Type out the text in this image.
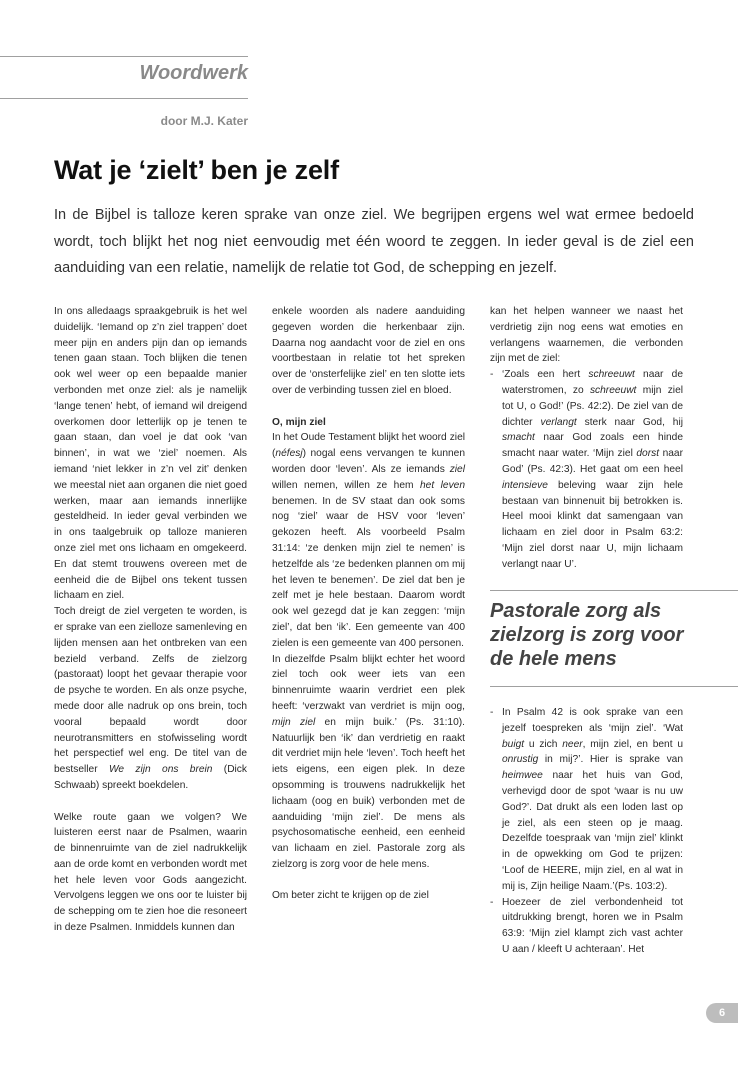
Woordwerk
door M.J. Kater
Wat je ‘zielt’ ben je zelf

In de Bijbel is talloze keren sprake van onze ziel. We begrijpen ergens wel wat ermee bedoeld wordt, toch blijkt het nog niet eenvoudig met één woord te zeggen. In ieder geval is de ziel een aanduiding van een relatie, namelijk de relatie tot God, de schepping en jezelf.

In ons alledaags spraakgebruik is het wel duidelijk. ‘Iemand op z’n ziel trappen’ doet meer pijn en anders pijn dan op iemands tenen gaan staan. Toch blijken die tenen ook wel weer op een bepaalde manier verbonden met onze ziel: als je namelijk ‘lange tenen’ hebt, of iemand wil dreigend overkomen door letterlijk op je tenen te gaan staan, dan voel je dat ook ‘van binnen’, in wat we ‘ziel’ noemen. Als iemand ‘niet lekker in z’n vel zit’ denken we meestal niet aan organen die niet goed werken, maar aan iemands innerlijke gesteldheid. In ieder geval verbinden we in ons taalgebruik op talloze manieren onze ziel met ons lichaam en omgekeerd. En dat stemt trouwens overeen met de eenheid die de Bijbel ons tekent tussen lichaam en ziel.

Toch dreigt de ziel vergeten te worden, is er sprake van een zielloze samenleving en lijden mensen aan het ontbreken van een bezield verband. Zelfs de zielzorg (pastoraat) loopt het gevaar therapie voor de psyche te worden. En als onze psyche, mede door alle nadruk op ons brein, toch vooral bepaald wordt door neurotransmitters en stofwisseling wordt het perspectief wel eng. De titel van de bestseller We zijn ons brein (Dick Schwaab) spreekt boekdelen.

Welke route gaan we volgen? We luisteren eerst naar de Psalmen, waarin de binnenruimte van de ziel nadrukkelijk aan de orde komt en verbonden wordt met het hele leven voor Gods aangezicht. Vervolgens leggen we ons oor te luister bij de schepping om te zien hoe die resoneert in deze Psalmen. Inmiddels kunnen dan

enkele woorden als nadere aanduiding gegeven worden die herkenbaar zijn. Daarna nog aandacht voor de ziel en ons voortbestaan in relatie tot het spreken over de ‘onsterfelijke ziel’ en ten slotte iets over de verbinding tussen ziel en bloed.

O, mijn ziel

In het Oude Testament blijkt het woord ziel (néfesj) nogal eens vervangen te kunnen worden door ‘leven’. Als ze iemands ziel willen nemen, willen ze hem het leven benemen. In de SV staat dan ook soms nog ‘ziel’ waar de HSV voor ‘leven’ gekozen heeft. Als voorbeeld Psalm 31:14: ‘ze denken mijn ziel te nemen’ is hetzelfde als ‘ze bedenken plannen om mij het leven te benemen’. De ziel dat ben je zelf met je hele bestaan. Daarom wordt ook wel gezegd dat je kan zeggen: ‘mijn ziel’, dat ben ‘ik’. Een gemeente van 400 zielen is een gemeente van 400 personen.

In diezelfde Psalm blijkt echter het woord ziel toch ook weer iets van een binnenruimte waarin verdriet een plek heeft: ‘verzwakt van verdriet is mijn oog, mijn ziel en mijn buik.’ (Ps. 31:10). Natuurlijk ben ‘ik’ dan verdrietig en raakt dit verdriet mijn hele ‘leven’. Toch heeft het iets eigens, een eigen plek. In deze opsomming is trouwens nadrukkelijk het lichaam (oog en buik) verbonden met de aanduiding ‘mijn ziel’. De mens als psychosomatische eenheid, een eenheid van lichaam en ziel. Pastorale zorg als zielzorg is zorg voor de hele mens.

Om beter zicht te krijgen op de ziel

kan het helpen wanneer we naast het verdrietig zijn nog eens wat emoties en verlangens waarnemen, die verbonden zijn met de ziel:

- ‘Zoals een hert schreeuwt naar de waterstromen, zo schreeuwt mijn ziel tot U, o God!’ (Ps. 42:2). De ziel van de dichter verlangt sterk naar God, hij smacht naar God zoals een hinde smacht naar water. ‘Mijn ziel dorst naar God’ (Ps. 42:3). Het gaat om een heel intensieve beleving waar zijn hele bestaan van binnenuit bij betrokken is. Heel mooi klinkt dat samengaan van lichaam en ziel door in Psalm 63:2: ‘Mijn ziel dorst naar U, mijn lichaam verlangt naar U’.

Pastorale zorg als zielzorg is zorg voor de hele mens

- In Psalm 42 is ook sprake van een jezelf toespreken als ‘mijn ziel’. ‘Wat buigt u zich neer, mijn ziel, en bent u onrustig in mij?’. Hier is sprake van heimwee naar het huis van God, verhevigd door de spot ‘waar is nu uw God?’. Dat drukt als een loden last op je ziel, als een steen op je maag. Dezelfde toespraak van ‘mijn ziel’ klinkt in de opwekking om God te prijzen: ‘Loof de HEERE, mijn ziel, en al wat in mij is, Zijn heilige Naam.’(Ps. 103:2).

- Hoezeer de ziel verbondenheid tot uitdrukking brengt, horen we in Psalm 63:9: ‘Mijn ziel klampt zich vast achter U aan / kleeft U achteraan’. Het

6
